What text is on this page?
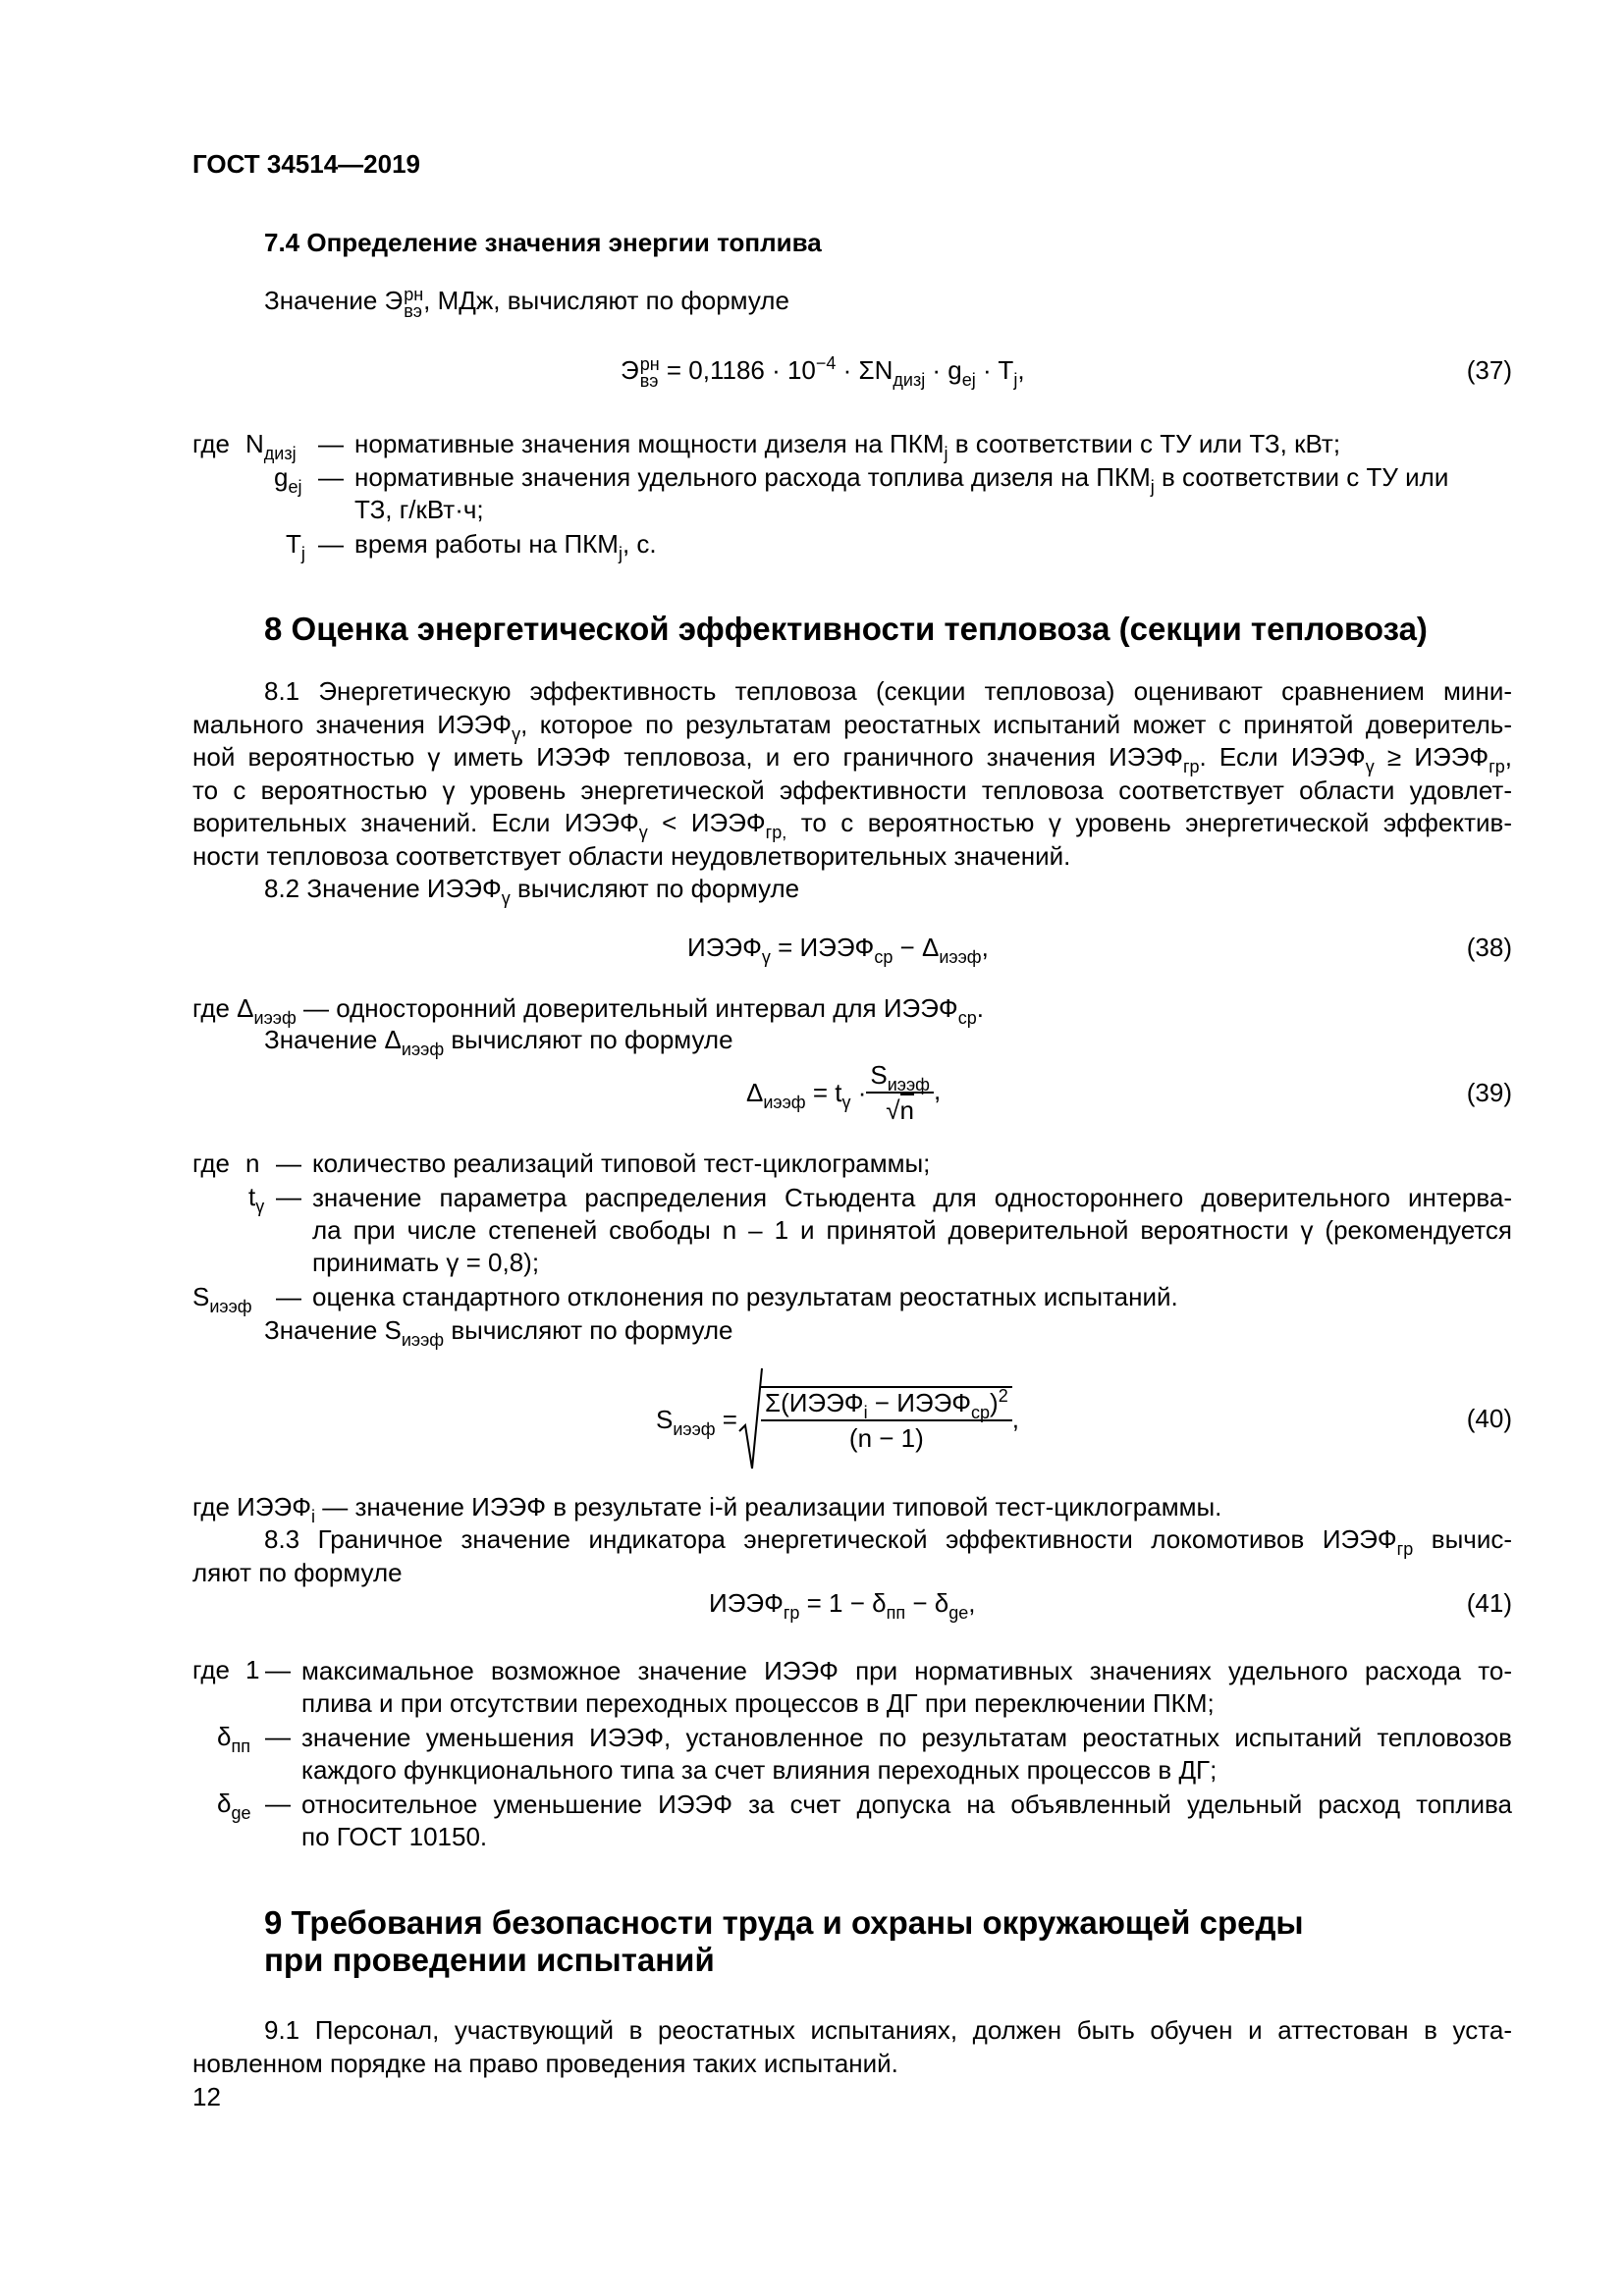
ГОСТ 34514—2019
7.4 Определение значения энергии топлива
Значение Э рн
вэ , МДж, вычисляют по формуле
Э рн
вэ = $0,1186 \cdot 10^{-4} \cdot \Sigma N_{дизj} \cdot g_{ej} \cdot T_j$,	(37)
где $N_{дизj}$ — нормативные значения мощности дизеля на $ПКМ_j$ в соответствии с ТУ или ТЗ, кВт;
$g_{ej}$ — нормативные значения удельного расхода топлива дизеля на $ПКМ_j$ в соответствии с ТУ или
ТЗ, г/кВт·ч;
$T_j$ — время работы на $ПКМ_j$, с.
8 Оценка энергетической эффективности тепловоза (секции тепловоза)
8.1 Энергетическую эффективность тепловоза (секции тепловоза) оценивают сравнением мини-
мального значения $ИЭЭФ_\gamma$, которое по результатам реостатных испытаний может с принятой доверитель-
ной вероятностью γ иметь ИЭЭФ тепловоза, и его граничного значения $ИЭЭФ_{гр}$. Если $ИЭЭФ_\gamma$ ≥ $ИЭЭФ_{гр}$,
то с вероятностью γ уровень энергетической эффективности тепловоза соответствует области удовлет-
ворительных значений. Если $ИЭЭФ_\gamma$ < $ИЭЭФ_{гр,}$ то с вероятностью γ уровень энергетической эффектив-
ности тепловоза соответствует области неудовлетворительных значений.
8.2 Значение $ИЭЭФ_\gamma$ вычисляют по формуле
$ИЭЭФ_\gamma$ = $ИЭЭФ_{ср} - \Delta_{иээф}$,	(38)
где $\Delta_{иээф}$ — односторонний доверительный интервал для $ИЭЭФ_{ср}$.
Значение $\Delta_{иээф}$ вычисляют по формуле
$\Delta_{иээф} = t_\gamma \cdot \frac{S_{иээф}}{√n}$ ,	(39)
где n — количество реализаций типовой тест-циклограммы;
$t_\gamma$ — значение параметра распределения Стьюдента для одностороннего доверительного интерва-
ла при числе степеней свободы n – 1 и принятой доверительной вероятности γ (рекомендуется
принимать γ = 0,8);
$S_{иээф}$ — оценка стандартного отклонения по результатам реостатных испытаний.
Значение $S_{иээф}$ вычисляют по формуле
$S_{иээф} = \frac{\Sigma(ИЭЭФ_i - ИЭЭФ_{ср})^2}{(n - 1)}$ ,	(40)
где $ИЭЭФ_i$ — значение ИЭЭФ в результате i-й реализации типовой тест-циклограммы.
8.3 Граничное значение индикатора энергетической эффективности локомотивов $ИЭЭФ_{гр}$ вычис-
ляют по формуле
$ИЭЭФ_{гр} = 1 - \delta_{пп} - \delta_{ge}$,	(41)
где 1 — максимальное возможное значение ИЭЭФ при нормативных значениях удельного расхода то-
плива и при отсутствии переходных процессов в ДГ при переключении ПКМ;
$\delta_{пп}$ — значение уменьшения ИЭЭФ, установленное по результатам реостатных испытаний тепловозов
каждого функционального типа за счет влияния переходных процессов в ДГ;
$\delta_{ge}$ — относительное уменьшение ИЭЭФ за счет допуска на объявленный удельный расход топлива
по ГОСТ 10150.
9 Требования безопасности труда и охраны окружающей среды
при проведении испытаний
9.1 Персонал, участвующий в реостатных испытаниях, должен быть обучен и аттестован в уста-
новленном порядке на право проведения таких испытаний.
12
